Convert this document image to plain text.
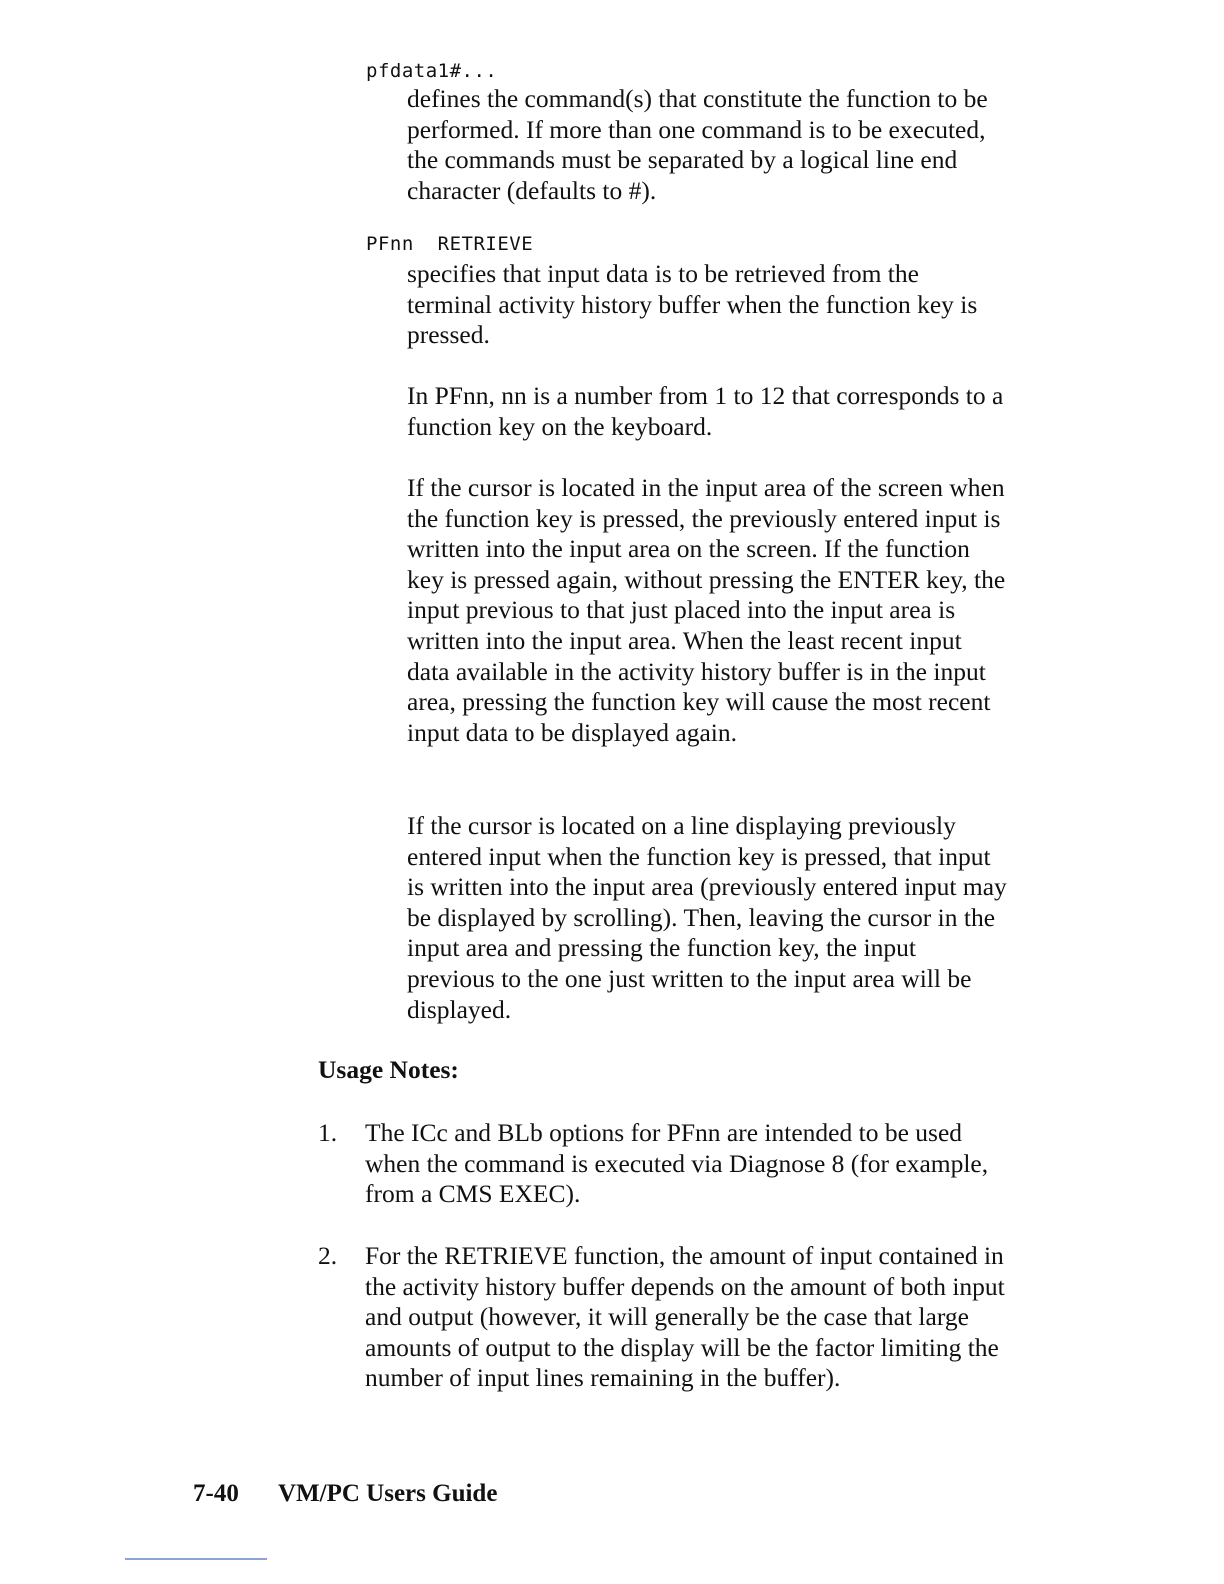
pfdata1#...
defines the command(s) that constitute the function to be performed. If more than one command is to be executed, the commands must be separated by a logical line end character (defaults to #).
PFnn  RETRIEVE
specifies that input data is to be retrieved from the terminal activity history buffer when the function key is pressed.
In PFnn, nn is a number from 1 to 12 that corresponds to a function key on the keyboard.
If the cursor is located in the input area of the screen when the function key is pressed, the previously entered input is written into the input area on the screen. If the function key is pressed again, without pressing the ENTER key, the input previous to that just placed into the input area is written into the input area. When the least recent input data available in the activity history buffer is in the input area, pressing the function key will cause the most recent input data to be displayed again.
If the cursor is located on a line displaying previously entered input when the function key is pressed, that input is written into the input area (previously entered input may be displayed by scrolling). Then, leaving the cursor in the input area and pressing the function key, the input previous to the one just written to the input area will be displayed.
Usage Notes:
1. The ICc and BLb options for PFnn are intended to be used when the command is executed via Diagnose 8 (for example, from a CMS EXEC).
2. For the RETRIEVE function, the amount of input contained in the activity history buffer depends on the amount of both input and output (however, it will generally be the case that large amounts of output to the display will be the factor limiting the number of input lines remaining in the buffer).
7-40 VM/PC Users Guide
